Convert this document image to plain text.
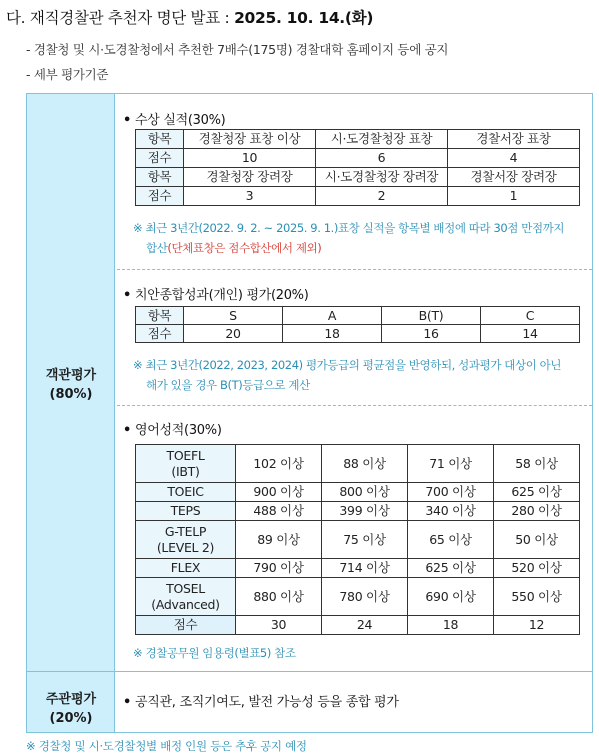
다. 재직경찰관 추천자 명단 발표 : 2025. 10. 14.(화)
- 경찰청 및 시·도경찰청에서 추천한 7배수(175명) 경찰대학 홈페이지 등에 공지
- 세부 평가기준
객관평가
(80%)
주관평가
(20%)
• 수상 실적(30%)
항목	경찰청장 표창 이상	시·도경찰청장 표창	경찰서장 표창
점수	10	6	4
항목	경찰청장 장려장	시·도경찰청장 장려장	경찰서장 장려장
점수	3	2	1
※ 최근 3년간(2022. 9. 2. ~ 2025. 9. 1.)표창 실적을 항목별 배정에 따라 30점 만점까지
합산(단체표창은 점수합산에서 제외)
• 치안종합성과(개인) 평가(20%)
항목	S	A	B(T)	C
점수	20	18	16	14
※ 최근 3년간(2022, 2023, 2024) 평가등급의 평균점을 반영하되, 성과평가 대상이 아닌
해가 있을 경우 B(T)등급으로 계산
• 영어성적(30%)
TOEFL
(IBT)	102 이상	88 이상	71 이상	58 이상
TOEIC	900 이상	800 이상	700 이상	625 이상
TEPS	488 이상	399 이상	340 이상	280 이상

G-TELP
(LEVEL 2)	89 이상	75 이상	65 이상	50 이상
FLEX	790 이상	714 이상	625 이상	520 이상

TOSEL
(Advanced)	880 이상	780 이상	690 이상	550 이상
점수	30	24	18	12
※ 경찰공무원 임용령(별표5) 참조
• 공직관, 조직기여도, 발전 가능성 등을 종합 평가
※ 경찰청 및 시·도경찰청별 배정 인원 등은 추후 공지 예정
